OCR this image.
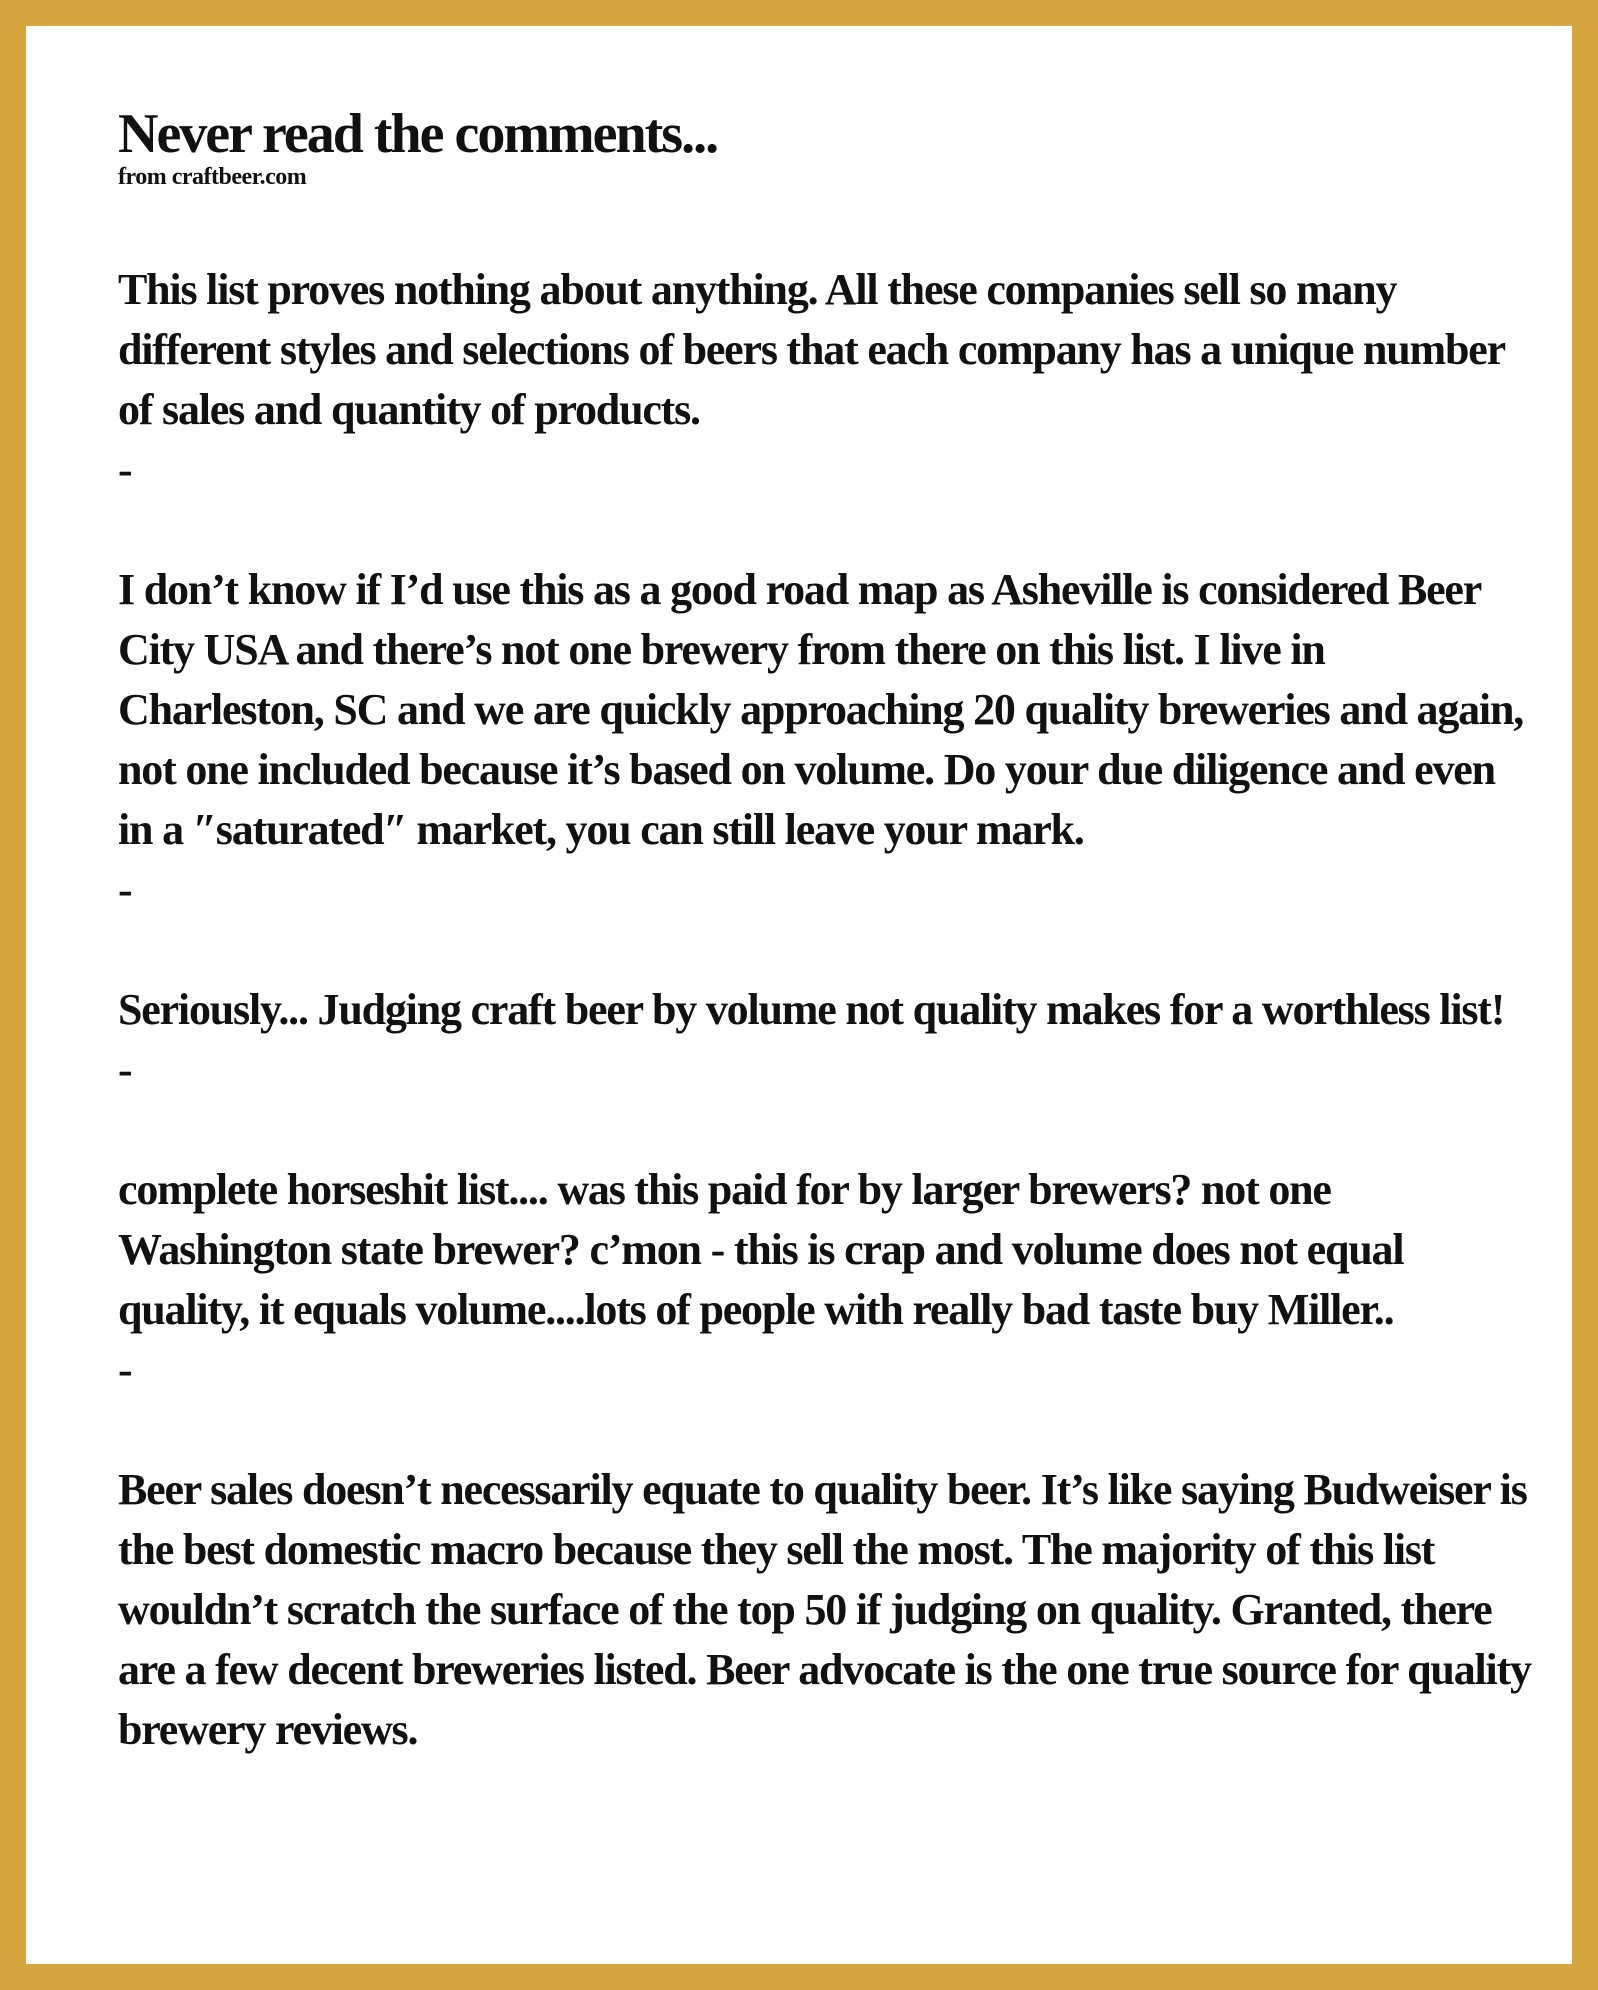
Never read the comments...

from craftbeer.com

This list proves nothing about anything. All these companies sell so many different styles and selections of beers that each company has a unique number of sales and quantity of products.

-

I don’t know if I’d use this as a good road map as Asheville is considered Beer City USA and there’s not one brewery from there on this list. I live in Charleston, SC and we are quickly approaching 20 quality breweries and again, not one included because it’s based on volume. Do your due diligence and even in a ″saturated″ market, you can still leave your mark.

-

Seriously... Judging craft beer by volume not quality makes for a worthless list!

-

complete horseshit list.... was this paid for by larger brewers? not one Washington state brewer? c’mon - this is crap and volume does not equal quality, it equals volume....lots of people with really bad taste buy Miller..

-

Beer sales doesn’t necessarily equate to quality beer. It’s like saying Budweiser is the best domestic macro because they sell the most. The majority of this list wouldn’t scratch the surface of the top 50 if judging on quality. Granted, there are a few decent breweries listed. Beer advocate is the one true source for quality brewery reviews.
